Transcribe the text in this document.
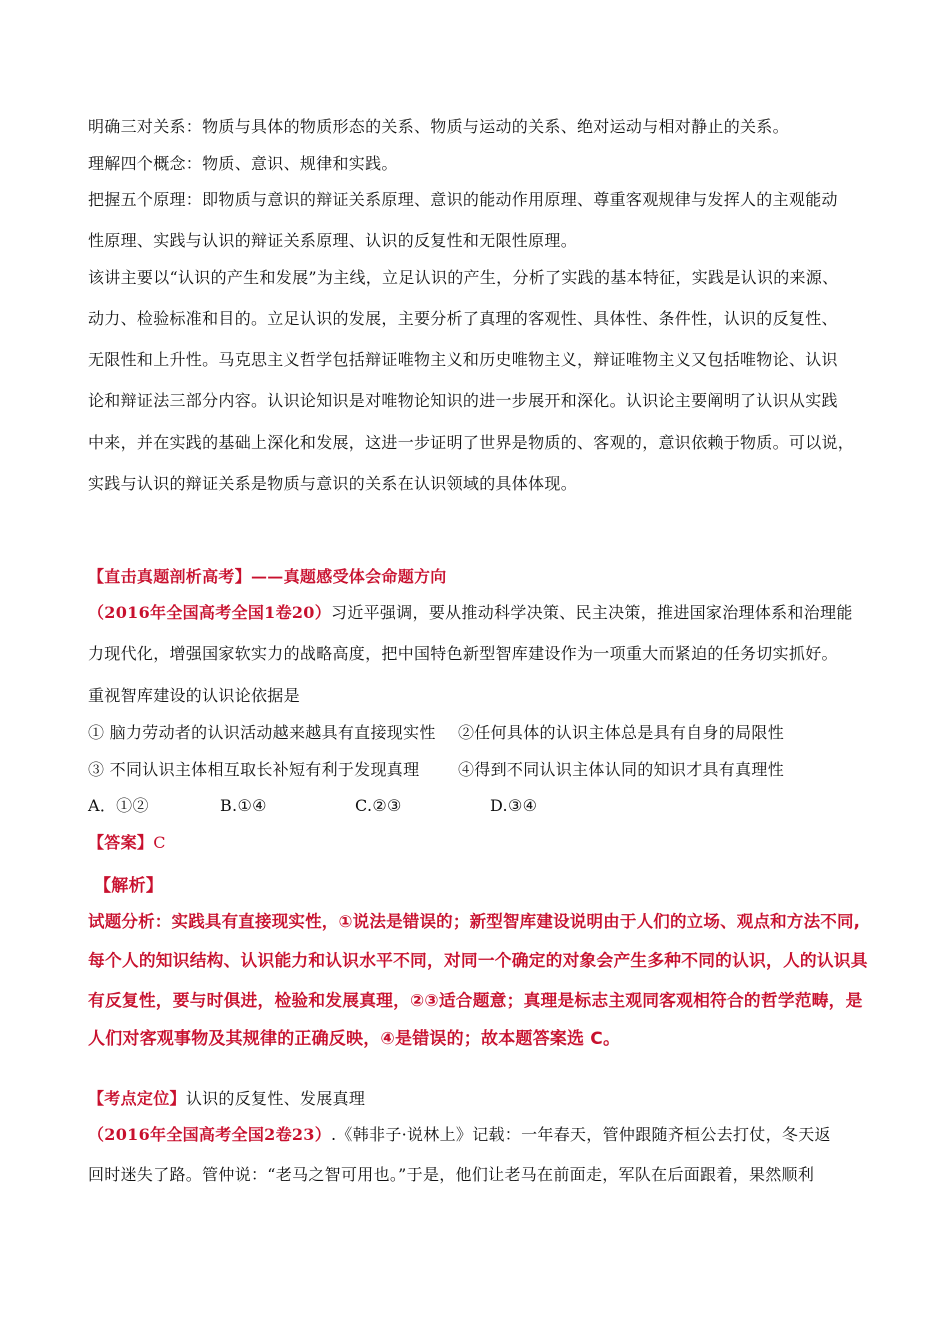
明确三对关系：物质与具体的物质形态的关系、物质与运动的关系、绝对运动与相对静止的关系。
理解四个概念：物质、意识、规律和实践。
把握五个原理：即物质与意识的辩证关系原理、意识的能动作用原理、尊重客观规律与发挥人的主观能动
性原理、实践与认识的辩证关系原理、认识的反复性和无限性原理。
该讲主要以“认识的产生和发展”为主线，立足认识的产生，分析了实践的基本特征，实践是认识的来源、
动力、检验标准和目的。立足认识的发展，主要分析了真理的客观性、具体性、条件性，认识的反复性、
无限性和上升性。马克思主义哲学包括辩证唯物主义和历史唯物主义，辩证唯物主义又包括唯物论、认识
论和辩证法三部分内容。认识论知识是对唯物论知识的进一步展开和深化。认识论主要阐明了认识从实践
中来，并在实践的基础上深化和发展，这进一步证明了世界是物质的、客观的，意识依赖于物质。可以说，
实践与认识的辩证关系是物质与意识的关系在认识领域的具体体现。
【直击真题剖析高考】——真题感受体会命题方向
（2016年全国高考全国1卷20）习近平强调，要从推动科学决策、民主决策，推进国家治理体系和治理能
力现代化，增强国家软实力的战略高度，把中国特色新型智库建设作为一项重大而紧迫的任务切实抓好。
重视智库建设的认识论依据是
① 脑力劳动者的认识活动越来越具有直接现实性 ②任何具体的认识主体总是具有自身的局限性
③ 不同认识主体相互取长补短有利于发现真理 ④得到不同认识主体认同的知识才具有真理性
A．①②	B.①④	C.②③	D.③④
【答案】C
【解析】
试题分析：实践具有直接现实性，①说法是错误的；新型智库建设说明由于人们的立场、观点和方法不同,
每个人的知识结构、认识能力和认识水平不同，对同一个确定的对象会产生多种不同的认识，人的认识具
有反复性，要与时俱进，检验和发展真理，②③适合题意；真理是标志主观同客观相符合的哲学范畴，是
人们对客观事物及其规律的正确反映，④是错误的；故本题答案选 C。
【考点定位】认识的反复性、发展真理
（2016年全国高考全国2卷23）.《韩非子·说林上》记载：一年春天，管仲跟随齐桓公去打仗，冬天返
回时迷失了路。管仲说：“老马之智可用也。”于是，他们让老马在前面走，军队在后面跟着，果然顺利
